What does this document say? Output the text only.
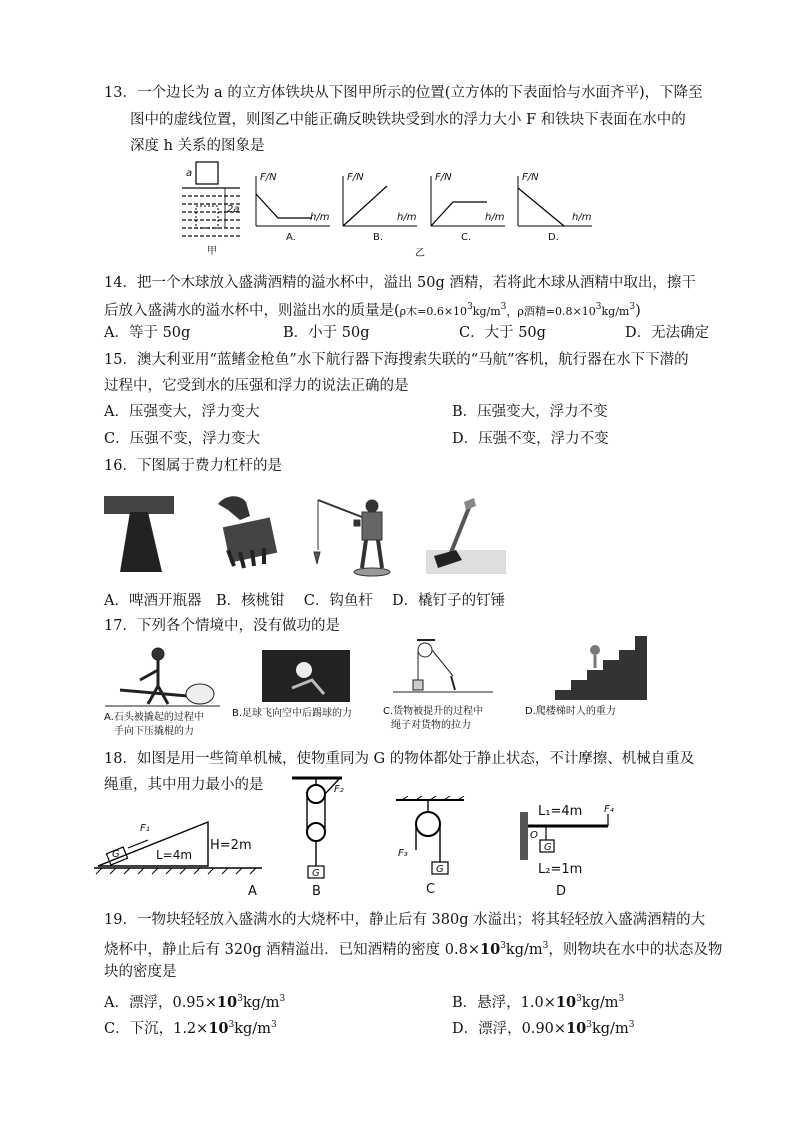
13．一个边长为 a 的立方体铁块从下图甲所示的位置(立方体的下表面恰与水面齐平)，下降至
图中的虚线位置，则图乙中能正确反映铁块受到水的浮力大小 F 和铁块下表面在水中的
深度 h 关系的图象是
a
2a
甲
F/N
h/m
A.
F/N
h/m
B.
F/N
h/m
C.
F/N
h/m
D.
乙
14．把一个木球放入盛满酒精的溢水杯中，溢出 50g 酒精，若将此木球从酒精中取出，擦干
后放入盛满水的溢水杯中，则溢出水的质量是(ρ木$=0.6\times 10^3kg/m^3$，ρ酒精$=0.8\times 10^3kg/m^3$)
A．等于 50g	B．小于 50g	C．大于 50g	D．无法确定
15．澳大利亚用“蓝鳍金枪鱼”水下航行器下海搜索失联的“马航”客机，航行器在水下下潜的
过程中，它受到水的压强和浮力的说法正确的是
A．压强变大，浮力变大	B．压强变大，浮力不变
C．压强不变，浮力变大	D．压强不变，浮力不变
16．下图属于费力杠杆的是
A．啤酒开瓶器　B．核桃钳　 C．钩鱼杆　 D．橇钉子的钉锤
17．下列各个情境中，没有做功的是
A.石头被撬起的过程中
手向下压撬棍的力
B.足球飞向空中后踢球的力	C.货物被提升的过程中
绳子对货物的拉力
D.爬楼梯时人的重力
18．如图是用一些简单机械，使物重同为 G 的物体都处于静止状态，不计摩擦、机械自重及
绳重，其中用力最小的是
F₁
G	L=4m
H=2m
A
F₂
G
B
F₃
G
C
L₁=4m F₄
O
G
L₂=1m
D
19．一物块轻轻放入盛满水的大烧杯中，静止后有 380g 水溢出；将其轻轻放入盛满酒精的大
烧杯中，静止后有 320g 酒精溢出．已知酒精的密度 $0.8\times 10^3kg/m^3$，则物块在水中的状态及物
块的密度是
A．漂浮，$0.95\times 10^3kg/m^3$	B．悬浮，$1.0\times 10^3kg/m^3$
C．下沉，$1.2\times 10^3kg/m^3$	D．漂浮，$0.90\times 10^3kg/m^3$
